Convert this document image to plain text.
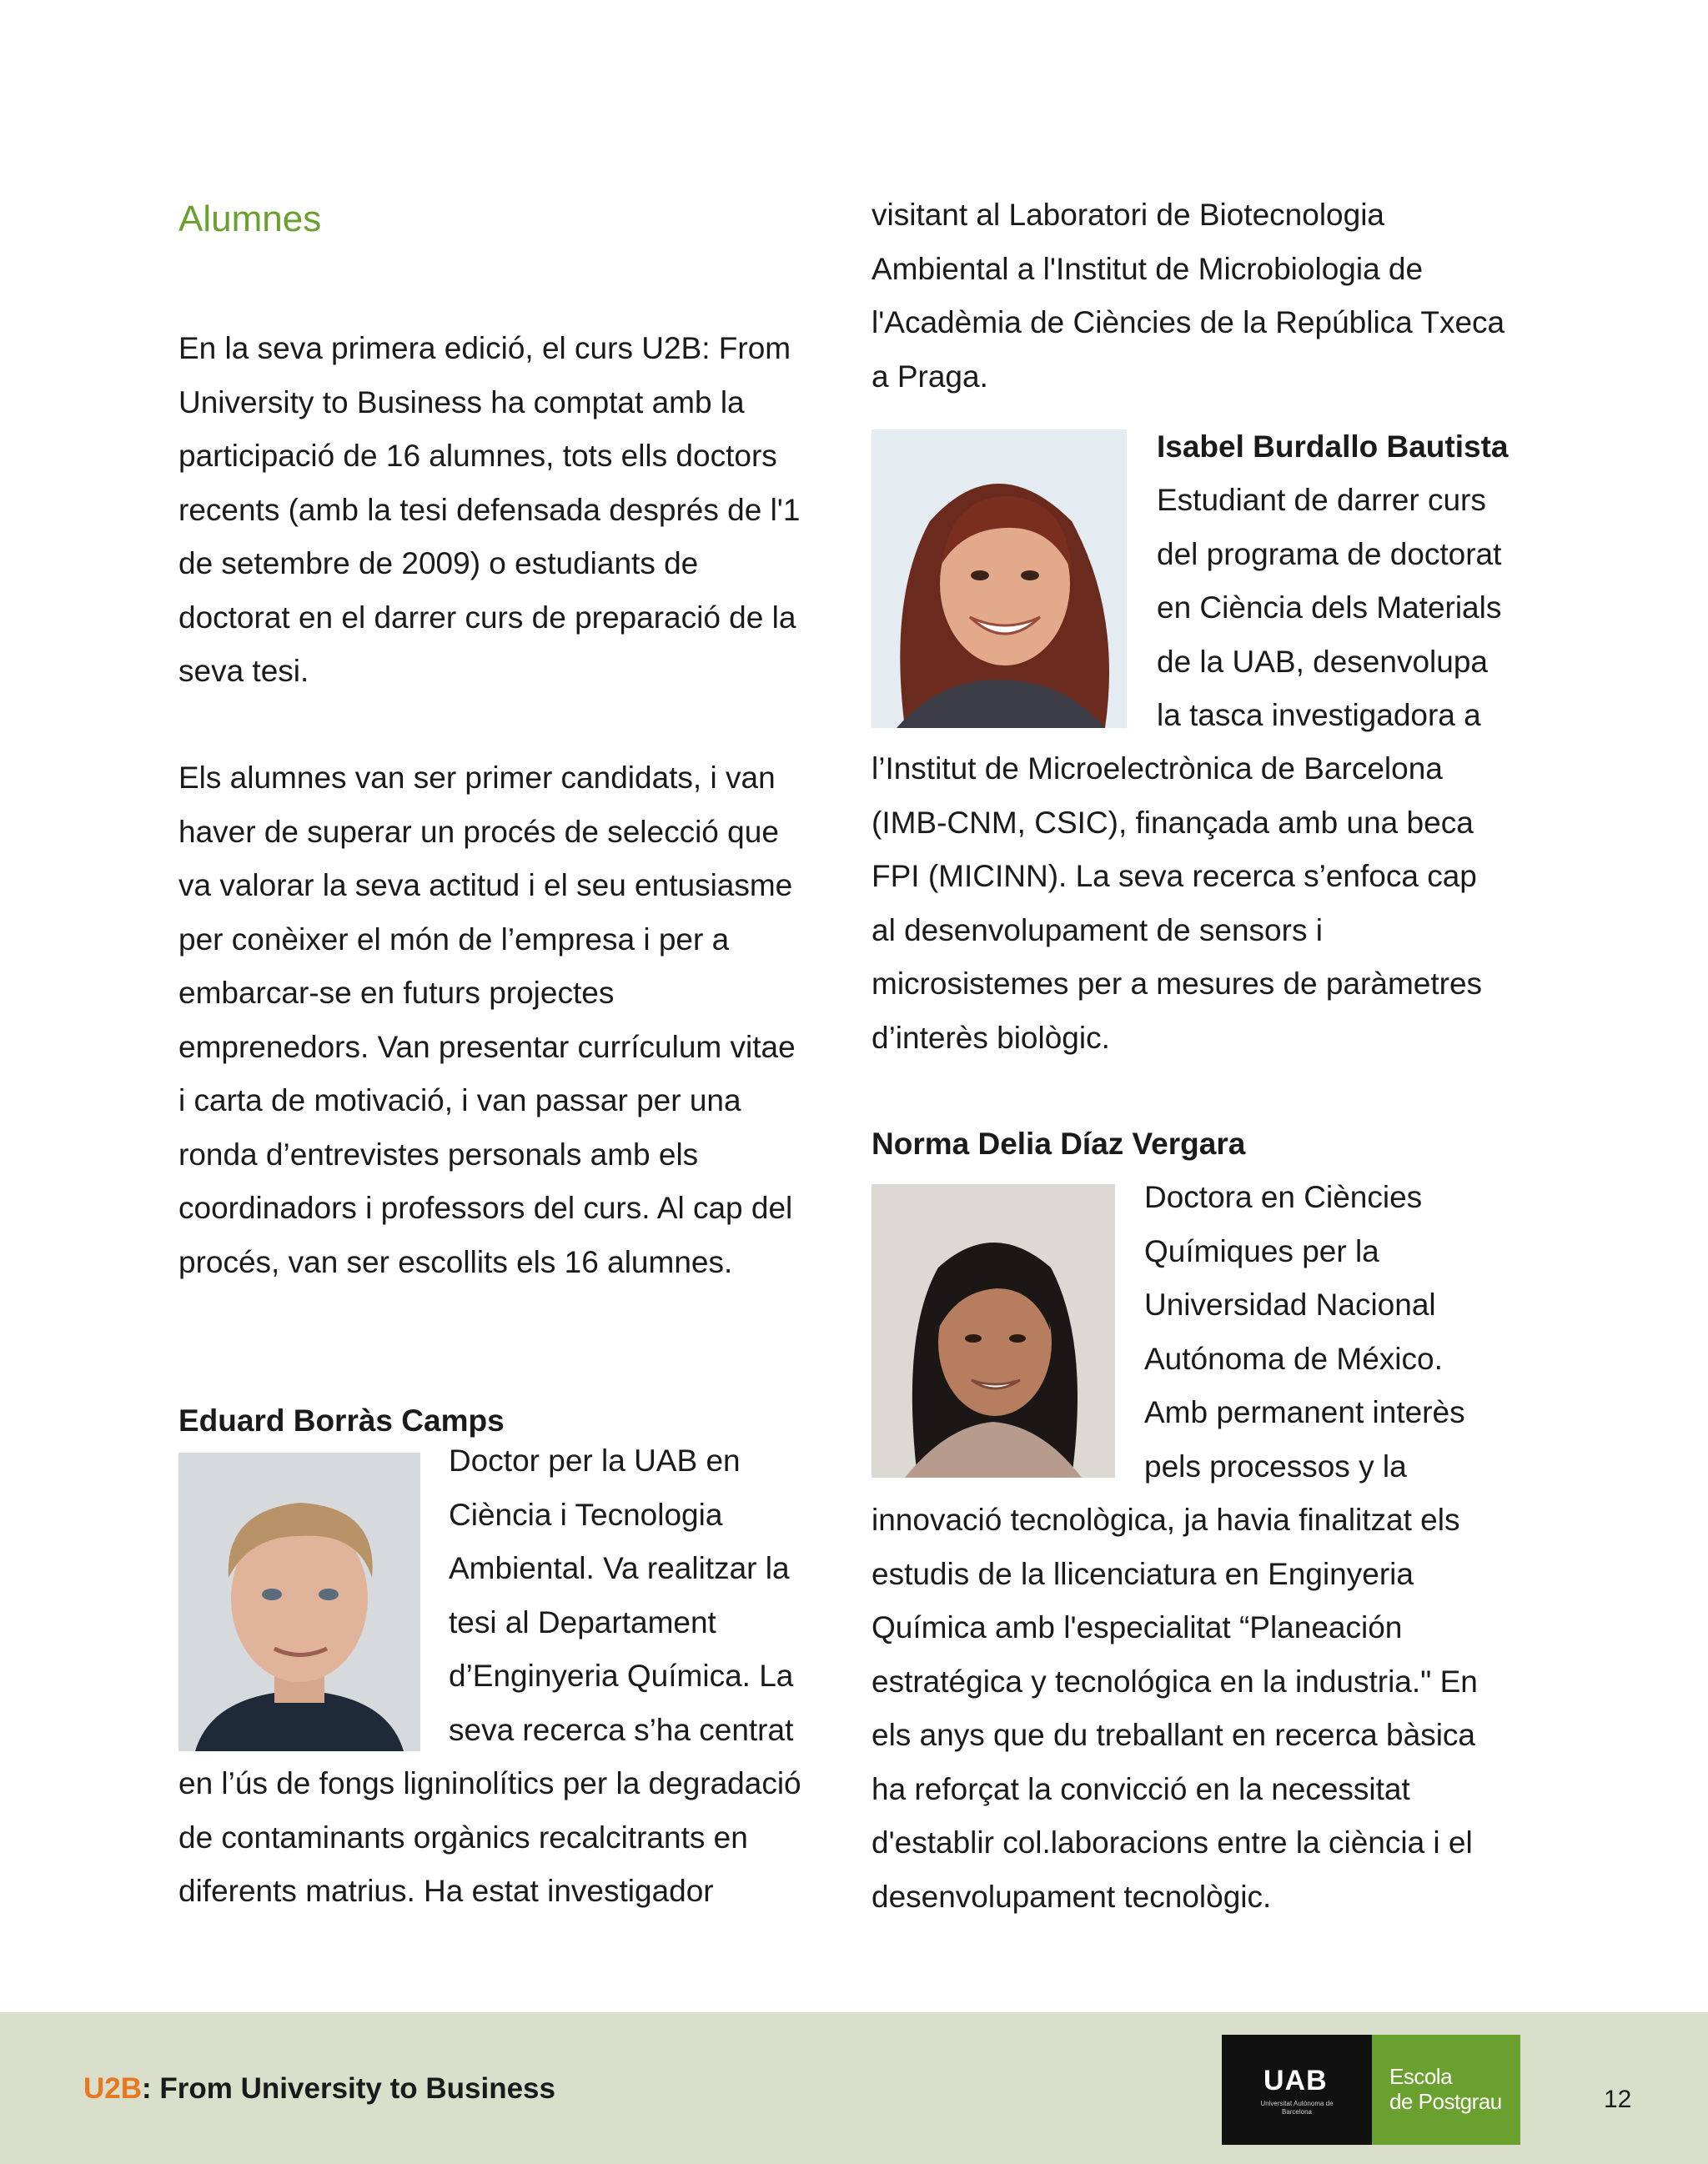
Alumnes
En la seva primera edició, el curs U2B: From
University to Business ha comptat amb la
participació de 16 alumnes, tots ells doctors
recents (amb la tesi defensada després de l'1
de setembre de 2009) o estudiants de
doctorat en el darrer curs de preparació de la
seva tesi.
Els alumnes van ser primer candidats, i van
haver de superar un procés de selecció que
va valorar la seva actitud i el seu entusiasme
per conèixer el món de l’empresa i per a
embarcar-se en futurs projectes
emprenedors. Van presentar currículum vitae
i carta de motivació, i van passar per una
ronda d’entrevistes personals amb els
coordinadors i professors del curs. Al cap del
procés, van ser escollits els 16 alumnes.
Eduard Borràs Camps
Doctor per la UAB en
Ciència i Tecnologia
Ambiental. Va realitzar la
tesi al Departament
d’Enginyeria Química. La
seva recerca s’ha centrat
en l’ús de fongs ligninolítics per la degradació
de contaminants orgànics recalcitrants en
diferents matrius. Ha estat investigador
visitant al Laboratori de Biotecnologia
Ambiental a l'Institut de Microbiologia de
l'Acadèmia de Ciències de la República Txeca
a Praga.
Isabel Burdallo Bautista
Estudiant de darrer curs
del programa de doctorat
en Ciència dels Materials
de la UAB, desenvolupa
la tasca investigadora a
l’Institut de Microelectrònica de Barcelona
(IMB-CNM, CSIC), finançada amb una beca
FPI (MICINN). La seva recerca s’enfoca cap
al desenvolupament de sensors i
microsistemes per a mesures de paràmetres
d’interès biològic.
Norma Delia Díaz Vergara
Doctora en Ciències
Químiques per la
Universidad Nacional
Autónoma de México.
Amb permanent interès
pels processos y la
innovació tecnològica, ja havia finalitzat els
estudis de la llicenciatura en Enginyeria
Química amb l'especialitat “Planeación
estratégica y tecnológica en la industria." En
els anys que du treballant en recerca bàsica
ha reforçat la convicció en la necessitat
d'establir col.laboracions entre la ciència i el
desenvolupament tecnològic.
U2B: From University to Business	UAB
Universitat Autònoma de Barcelona
Escola
de Postgrau	12
